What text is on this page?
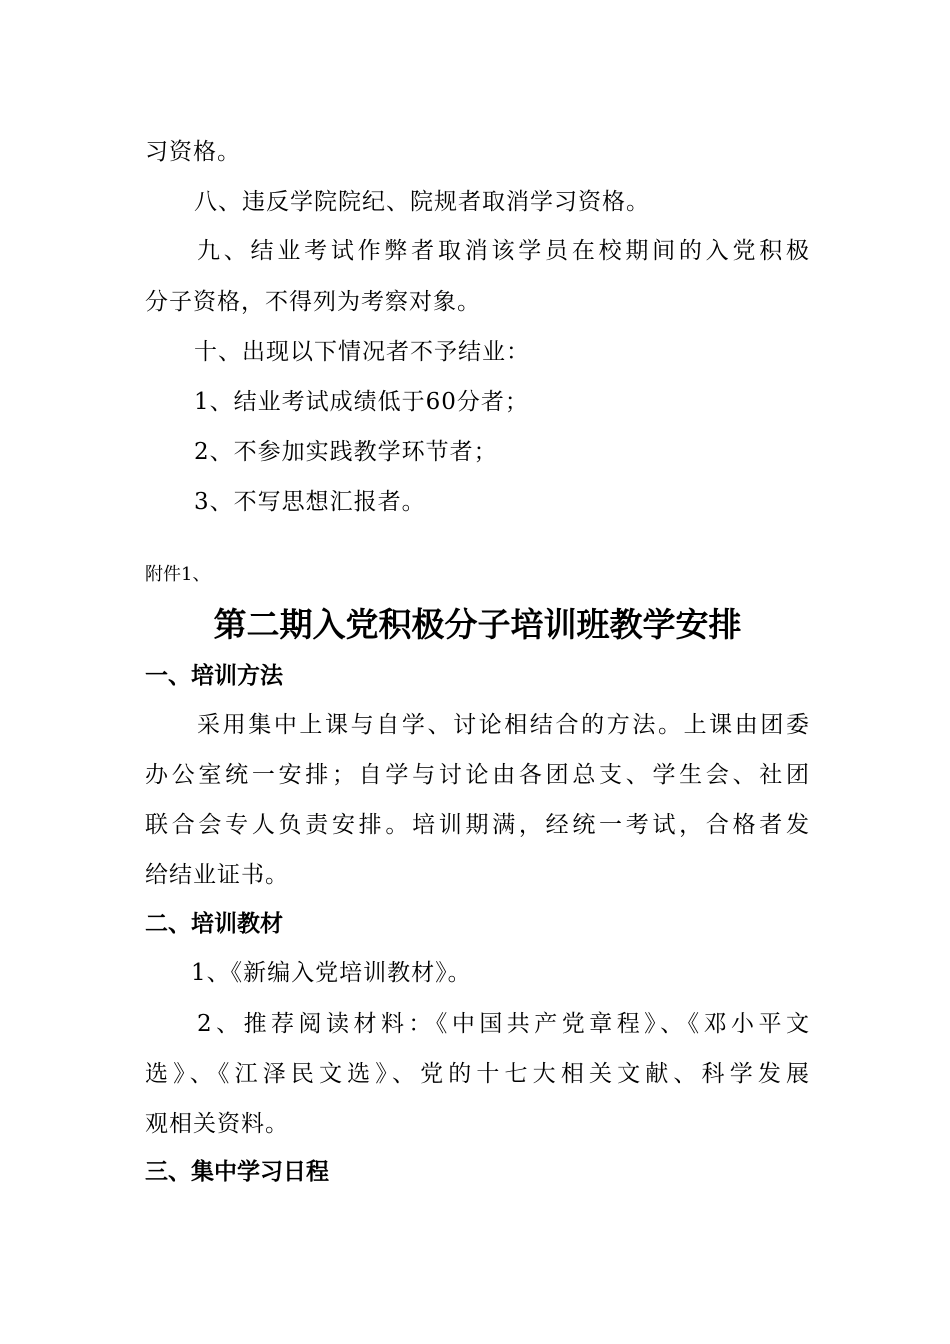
习资格。
八、违反学院院纪、院规者取消学习资格。
九、结业考试作弊者取消该学员在校期间的入党积极
分子资格，不得列为考察对象。
十、出现以下情况者不予结业：
1、结业考试成绩低于60分者；
2、不参加实践教学环节者；
3、不写思想汇报者。
附件1、
第二期入党积极分子培训班教学安排
一、培训方法
采用集中上课与自学、讨论相结合的方法。上课由团委
办公室统一安排；自学与讨论由各团总支、学生会、社团
联合会专人负责安排。培训期满，经统一考试，合格者发
给结业证书。
二、培训教材
1、《新编入党培训教材》。
2、推荐阅读材料：《中国共产党章程》、《邓小平文
选》、《江泽民文选》、党的十七大相关文献、科学发展
观相关资料。
三、集中学习日程
